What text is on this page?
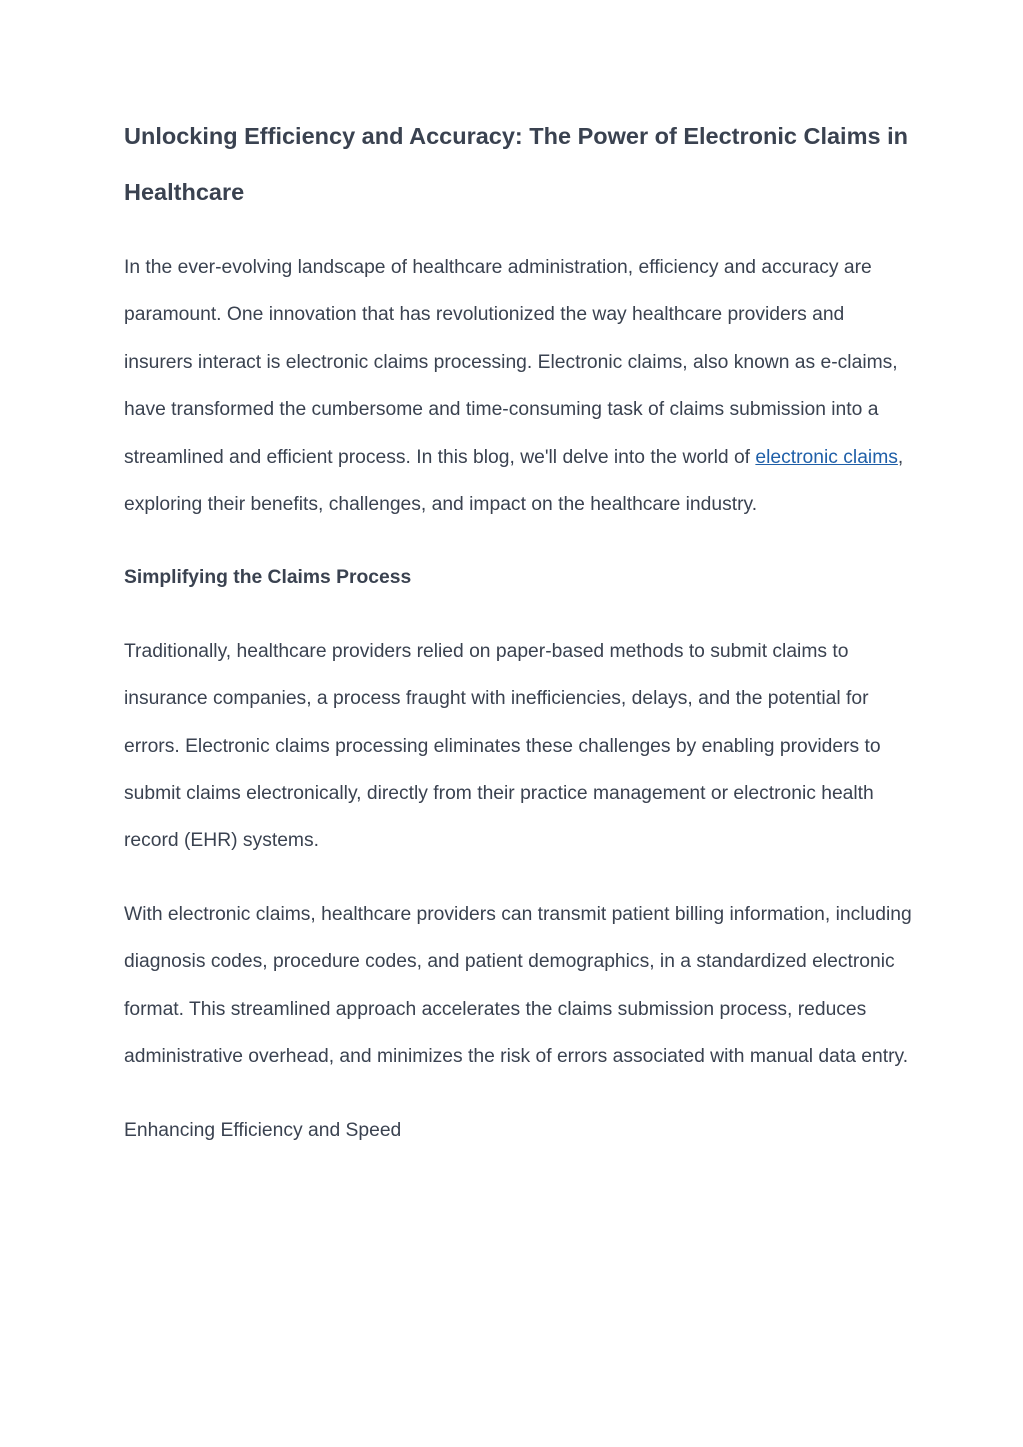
Unlocking Efficiency and Accuracy: The Power of Electronic Claims in Healthcare

In the ever-evolving landscape of healthcare administration, efficiency and accuracy are paramount. One innovation that has revolutionized the way healthcare providers and insurers interact is electronic claims processing. Electronic claims, also known as e-claims, have transformed the cumbersome and time-consuming task of claims submission into a streamlined and efficient process. In this blog, we'll delve into the world of electronic claims, exploring their benefits, challenges, and impact on the healthcare industry.

Simplifying the Claims Process

Traditionally, healthcare providers relied on paper-based methods to submit claims to insurance companies, a process fraught with inefficiencies, delays, and the potential for errors. Electronic claims processing eliminates these challenges by enabling providers to submit claims electronically, directly from their practice management or electronic health record (EHR) systems.

With electronic claims, healthcare providers can transmit patient billing information, including diagnosis codes, procedure codes, and patient demographics, in a standardized electronic format. This streamlined approach accelerates the claims submission process, reduces administrative overhead, and minimizes the risk of errors associated with manual data entry.

Enhancing Efficiency and Speed
